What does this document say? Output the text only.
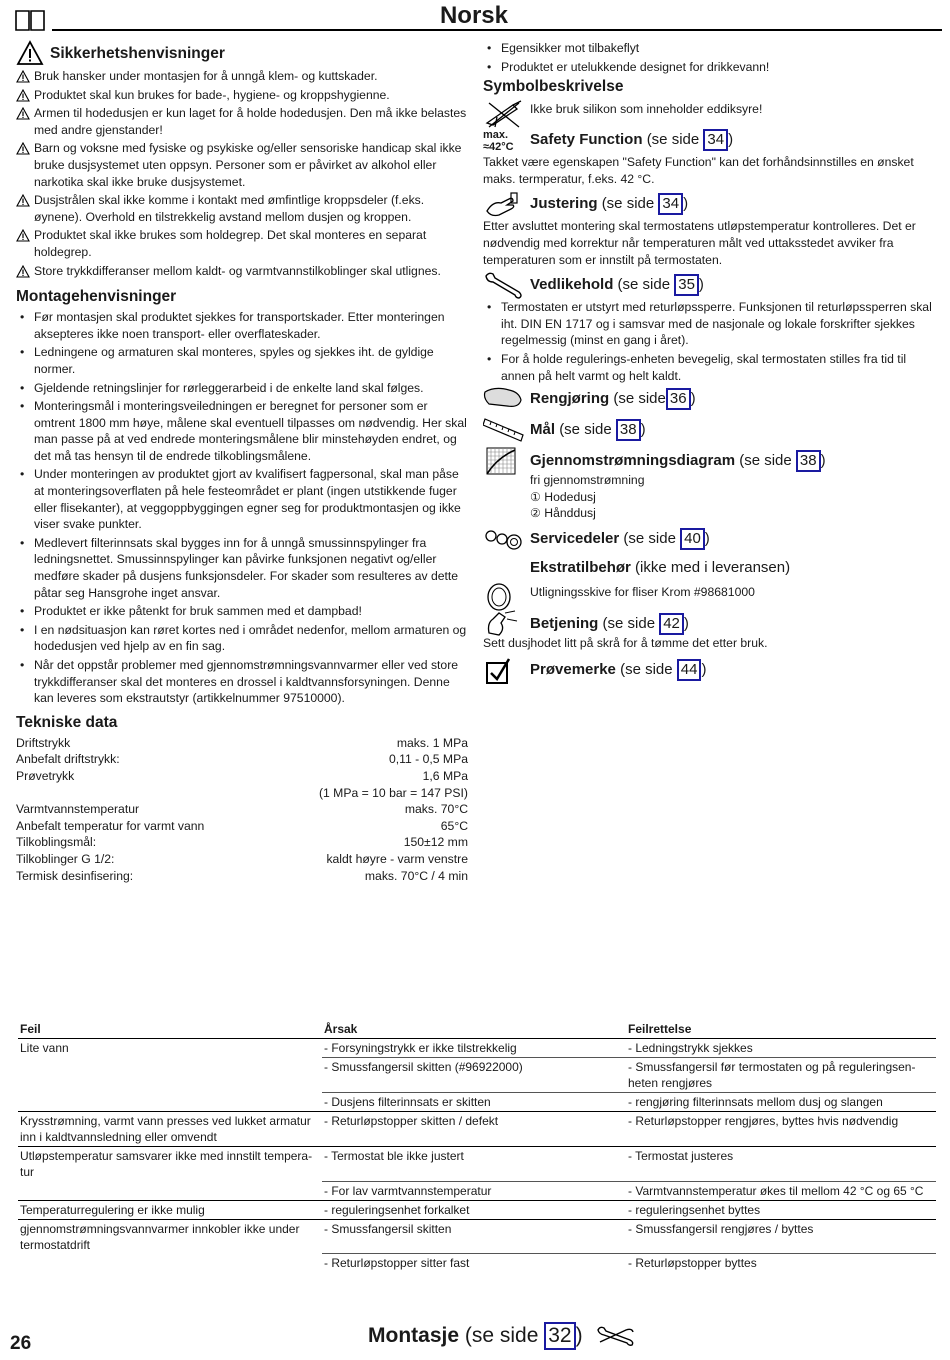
Norsk
Sikkerhetshenvisninger
Bruk hansker under montasjen for å unngå klem- og kuttskader.
Produktet skal kun brukes for bade-, hygiene- og kroppshygienne.
Armen til hodedusjen er kun laget for å holde hodedusjen. Den må ikke belastes med andre gjenstander!
Barn og voksne med fysiske og psykiske og/eller sensoriske handicap skal ikke bruke dusjsystemet uten oppsyn. Personer som er påvirket av alkohol eller narkotika skal ikke bruke dusjsystemet.
Dusjstrålen skal ikke komme i kontakt med ømfintlige kroppsdeler (f.eks. øynene). Overhold en tilstrekkelig avstand mellom dusjen og kroppen.
Produktet skal ikke brukes som holdegrep. Det skal monteres en separat holdegrep.
Store trykkdifferanser mellom kaldt- og varmtvannstilkoblinger skal utlignes.
Montagehenvisninger
• Før montasjen skal produktet sjekkes for transportskader. Etter monteringen aksepteres ikke noen transport- eller overflateskader.
• Ledningene og armaturen skal monteres, spyles og sjekkes iht. de gyldige normer.
• Gjeldende retningslinjer for rørleggerarbeid i de enkelte land skal følges.
• Monteringsmål i monteringsveiledningen er beregnet for personer som er omtrent 1800 mm høye, målene skal eventuell tilpasses om nødvendig. Her skal man passe på at ved endrede monteringsmålene blir minstehøyden endret, og det må tas hensyn til de endrede tilkoblingsmålene.
• Under monteringen av produktet gjort av kvalifisert fagpersonal, skal man påse at monteringsoverflaten på hele festeområdet er plant (ingen utstikkende fuger eller flisekanter), at veggoppbyggingen egner seg for produktmontasjen og ikke viser svake punkter.
• Medlevert filterinnsats skal bygges inn for å unngå smussinnspylinger fra ledningsnettet. Smussinnspylinger kan påvirke funksjonen negativt og/eller medføre skader på dusjens funksjonsdeler. For skader som resulteres av dette påtar seg Hansgrohe inget ansvar.
• Produktet er ikke påtenkt for bruk sammen med et dampbad!
• I en nødsituasjon kan røret kortes ned i området nedenfor, mellom armaturen og hodedusjen ved hjelp av en fin sag.
• Når det oppstår problemer med gjennomstrømningsvannvarmer eller ved store trykkdifferanser skal det monteres en drossel i kaldtvannsforsyningen. Denne kan leveres som ekstrautstyr (artikkelnummer 97510000).
Tekniske data
Driftstrykk	maks. 1 MPa
Anbefalt driftstrykk:	0,11 - 0,5 MPa
Prøvetrykk	1,6 MPa
(1 MPa = 10 bar = 147 PSI)
Varmtvannstemperatur	maks. 70°C
Anbefalt temperatur for varmt vann	65°C
Tilkoblingsmål:	150±12 mm
Tilkoblinger G 1/2:	kaldt høyre - varm venstre
Termisk desinfisering:	maks. 70°C / 4 min
• Egensikker mot tilbakeflyt
• Produktet er utelukkende designet for drikkevann!
Symbolbeskrivelse
Ikke bruk silikon som inneholder eddiksyre!
max.
≈42°C	Safety Function (se side 34 )
Takket være egenskapen "Safety Function" kan det forhåndsinnstilles en ønsket maks. termperatur, f.eks. 42 °C.
Justering (se side 34 )
Etter avsluttet montering skal termostatens utløpstemperatur kontrolleres. Det er nødvendig med korrektur når temperaturen målt ved uttaksstedet avviker fra temperaturen som er innstilt på termostaten.
Vedlikehold (se side 35 )
• Termostaten er utstyrt med returløpssperre. Funksjonen til returløpssperren skal iht. DIN EN 1717 og i samsvar med de nasjonale og lokale forskrifter sjekkes regelmessig (minst en gang i året).
• For å holde regulerings-enheten bevegelig, skal termostaten stilles fra tid til annen på helt varmt og helt kaldt.
Rengjøring (se side 36 )
Mål (se side 38 )
Gjennomstrømningsdiagram (se side 38 )
fri gjennomstrømning
① Hodedusj
② Hånddusj
Servicedeler (se side 40 )
Ekstratilbehør (ikke med i leveransen)
Utligningsskive for fliser Krom #98681000
Betjening (se side 42 )
Sett dusjhodet litt på skrå for å tømme det etter bruk.
Prøvemerke (se side 44 )
Feil	Årsak	Feilrettelse
Lite vann	- Forsyningstrykk er ikke tilstrekkelig	- Ledningstrykk sjekkes
	- Smussfangersil skitten (#96922000)	- Smussfangersil før termostaten og på reguleringsen-heten rengjøres
	- Dusjens filterinnsats er skitten	- rengjøring filterinnsats mellom dusj og slangen
Krysstrømning, varmt vann presses ved lukket armatur inn i kaldtvannsledning eller omvendt	- Returløpstopper skitten / defekt	- Returløpstopper rengjøres, byttes hvis nødvendig
Utløpstemperatur samsvarer ikke med innstilt tempera-tur	- Termostat ble ikke justert	- Termostat justeres
	- For lav varmtvannstemperatur	- Varmtvannstemperatur økes til mellom 42 °C og 65 °C
Temperaturregulering er ikke mulig	- reguleringsenhet forkalket	- reguleringsenhet byttes
gjennomstrømningsvannvarmer innkobler ikke under termostatdrift	- Smussfangersil skitten	- Smussfangersil rengjøres / byttes
	- Returløpstopper sitter fast	- Returløpstopper byttes
26	Montasje (se side 32 )
